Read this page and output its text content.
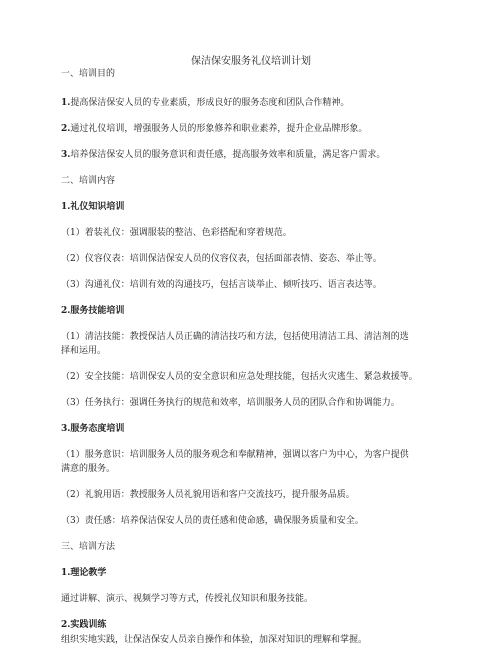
保洁保安服务礼仪培训计划
一、培训目的
1.提高保洁保安人员的专业素质，形成良好的服务态度和团队合作精神。
2.通过礼仪培训，增强服务人员的形象修养和职业素养，提升企业品牌形象。
3.培养保洁保安人员的服务意识和责任感，提高服务效率和质量，满足客户需求。
二、培训内容
1.礼仪知识培训
（1）着装礼仪：强调服装的整洁、色彩搭配和穿着规范。
（2）仪容仪表：培训保洁保安人员的仪容仪表，包括面部表情、姿态、举止等。
（3）沟通礼仪：培训有效的沟通技巧，包括言谈举止、倾听技巧、语言表达等。
2.服务技能培训
（1）清洁技能：教授保洁人员正确的清洁技巧和方法，包括使用清洁工具、清洁剂的选
择和运用。
（2）安全技能：培训保安人员的安全意识和应急处理技能，包括火灾逃生、紧急救援等。
（3）任务执行：强调任务执行的规范和效率，培训服务人员的团队合作和协调能力。
3.服务态度培训
（1）服务意识：培训服务人员的服务观念和奉献精神，强调以客户为中心，为客户提供
满意的服务。
（2）礼貌用语：教授服务人员礼貌用语和客户交流技巧，提升服务品质。
（3）责任感：培养保洁保安人员的责任感和使命感，确保服务质量和安全。
三、培训方法
1.理论教学
通过讲解、演示、视频学习等方式，传授礼仪知识和服务技能。
2.实践训练
组织实地实践，让保洁保安人员亲自操作和体验，加深对知识的理解和掌握。
